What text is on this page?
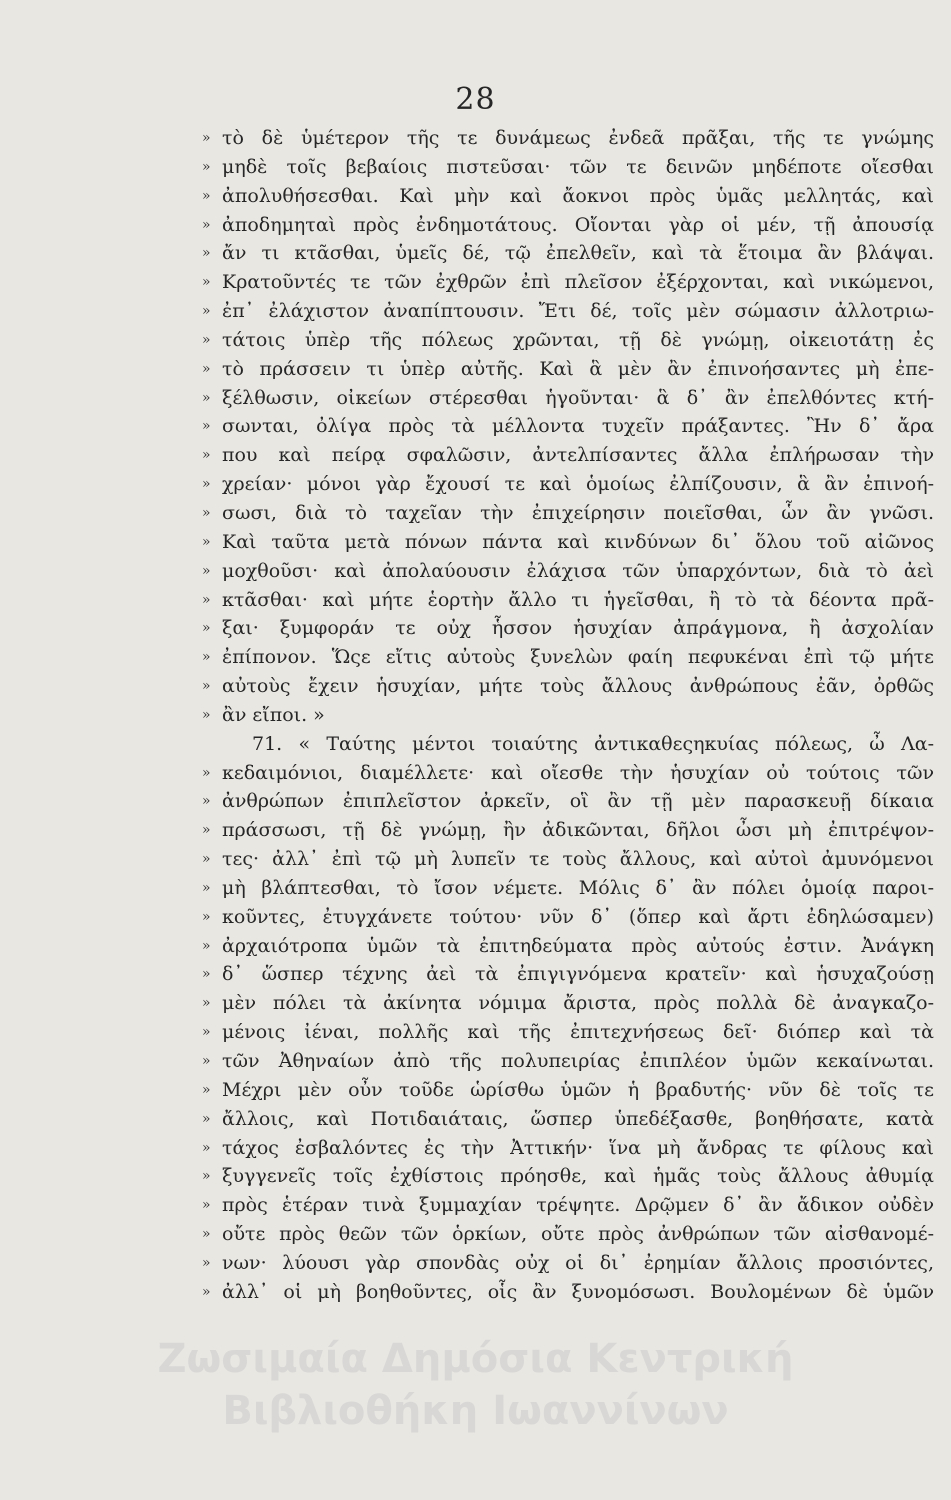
28
» τὸ δὲ ὑμέτερον τῆς τε δυνάμεως ἐνδεᾶ πρᾶξαι, τῆς τε γνώμης
» μηδὲ τοῖς βεβαίοις πιστεῦσαι· τῶν τε δεινῶν μηδέποτε οἴεσθαι
» ἀπολυθήσεσθαι. Καὶ μὴν καὶ ἄοκνοι πρὸς ὑμᾶς μελλητάς, καὶ
» ἀποδημηταὶ πρὸς ἐνδημοτάτους. Οἴονται γὰρ οἱ μέν, τῇ ἀπουσίᾳ
» ἄν τι κτᾶσθαι, ὑμεῖς δέ, τῷ ἐπελθεῖν, καὶ τὰ ἕτοιμα ἂν βλάψαι.
» Κρατοῦντές τε τῶν ἐχθρῶν ἐπὶ πλεῖσον ἐξέρχονται, καὶ νικώμενοι,
» ἐπ᾽ ἐλάχιστον ἀναπίπτουσιν. Ἔτι δέ, τοῖς μὲν σώμασιν ἀλλοτριω-
» τάτοις ὑπὲρ τῆς πόλεως χρῶνται, τῇ δὲ γνώμῃ, οἰκειοτάτῃ ἐς
» τὸ πράσσειν τι ὑπὲρ αὐτῆς. Καὶ ἃ μὲν ἂν ἐπινοήσαντες μὴ ἐπε-
» ξέλθωσιν, οἰκείων στέρεσθαι ἡγοῦνται· ἃ δ᾽ ἂν ἐπελθόντες κτή-
» σωνται, ὀλίγα πρὸς τὰ μέλλοντα τυχεῖν πράξαντες. Ἢν δ᾽ ἄρα
» που καὶ πείρᾳ σφαλῶσιν, ἀντελπίσαντες ἄλλα ἐπλήρωσαν τὴν
» χρείαν· μόνοι γὰρ ἔχουσί τε καὶ ὁμοίως ἐλπίζουσιν, ἃ ἂν ἐπινοή-
» σωσι, διὰ τὸ ταχεῖαν τὴν ἐπιχείρησιν ποιεῖσθαι, ὧν ἂν γνῶσι.
» Καὶ ταῦτα μετὰ πόνων πάντα καὶ κινδύνων δι᾽ ὅλου τοῦ αἰῶνος
» μοχθοῦσι· καὶ ἀπολαύουσιν ἐλάχισα τῶν ὑπαρχόντων, διὰ τὸ ἀεὶ
» κτᾶσθαι· καὶ μήτε ἑορτὴν ἄλλο τι ἡγεῖσθαι, ἢ τὸ τὰ δέοντα πρᾶ-
» ξαι· ξυμφοράν τε οὐχ ἧσσον ἡσυχίαν ἀπράγμονα, ἢ ἀσχολίαν
» ἐπίπονον. Ὥςε εἴτις αὐτοὺς ξυνελὼν φαίη πεφυκέναι ἐπὶ τῷ μήτε
» αὐτοὺς ἔχειν ἡσυχίαν, μήτε τοὺς ἄλλους ἀνθρώπους ἐᾶν, ὀρθῶς
» ἂν εἴποι. »
71. « Ταύτης μέντοι τοιαύτης ἀντικαθεςηκυίας πόλεως, ὦ Λα-
» κεδαιμόνιοι, διαμέλλετε· καὶ οἴεσθε τὴν ἡσυχίαν οὐ τούτοις τῶν
» ἀνθρώπων ἐπιπλεῖστον ἀρκεῖν, οἳ ἂν τῇ μὲν παρασκευῇ δίκαια
» πράσσωσι, τῇ δὲ γνώμῃ, ἢν ἀδικῶνται, δῆλοι ὦσι μὴ ἐπιτρέψον-
» τες· ἀλλ᾽ ἐπὶ τῷ μὴ λυπεῖν τε τοὺς ἄλλους, καὶ αὐτοὶ ἀμυνόμενοι
» μὴ βλάπτεσθαι, τὸ ἴσον νέμετε. Μόλις δ᾽ ἂν πόλει ὁμοίᾳ παροι-
» κοῦντες, ἐτυγχάνετε τούτου· νῦν δ᾽ (ὅπερ καὶ ἄρτι ἐδηλώσαμεν)
» ἀρχαιότροπα ὑμῶν τὰ ἐπιτηδεύματα πρὸς αὐτούς ἐστιν. Ἀνάγκη
» δ᾽ ὥσπερ τέχνης ἀεὶ τὰ ἐπιγιγνόμενα κρατεῖν· καὶ ἡσυχαζούσῃ
» μὲν πόλει τὰ ἀκίνητα νόμιμα ἄριστα, πρὸς πολλὰ δὲ ἀναγκαζο-
» μένοις ἰέναι, πολλῆς καὶ τῆς ἐπιτεχνήσεως δεῖ· διόπερ καὶ τὰ
» τῶν Ἀθηναίων ἀπὸ τῆς πολυπειρίας ἐπιπλέον ὑμῶν κεκαίνωται.
» Μέχρι μὲν οὖν τοῦδε ὡρίσθω ὑμῶν ἡ βραδυτής· νῦν δὲ τοῖς τε
» ἄλλοις, καὶ Ποτιδαιάταις, ὥσπερ ὑπεδέξασθε, βοηθήσατε, κατὰ
» τάχος ἐσβαλόντες ἐς τὴν Ἀττικήν· ἵνα μὴ ἄνδρας τε φίλους καὶ
» ξυγγενεῖς τοῖς ἐχθίστοις πρόησθε, καὶ ἡμᾶς τοὺς ἄλλους ἀθυμίᾳ
» πρὸς ἑτέραν τινὰ ξυμμαχίαν τρέψητε. Δρῷμεν δ᾽ ἂν ἄδικον οὐδὲν
» οὔτε πρὸς θεῶν τῶν ὁρκίων, οὔτε πρὸς ἀνθρώπων τῶν αἰσθανομέ-
» νων· λύουσι γὰρ σπονδὰς οὐχ οἱ δι᾽ ἐρημίαν ἄλλοις προσιόντες,
» ἀλλ᾽ οἱ μὴ βοηθοῦντες, οἷς ἂν ξυνομόσωσι. Βουλομένων δὲ ὑμῶν
Ζωσιμαία Δημόσια Κεντρική
Βιβλιοθήκη Ιωαννίνων
